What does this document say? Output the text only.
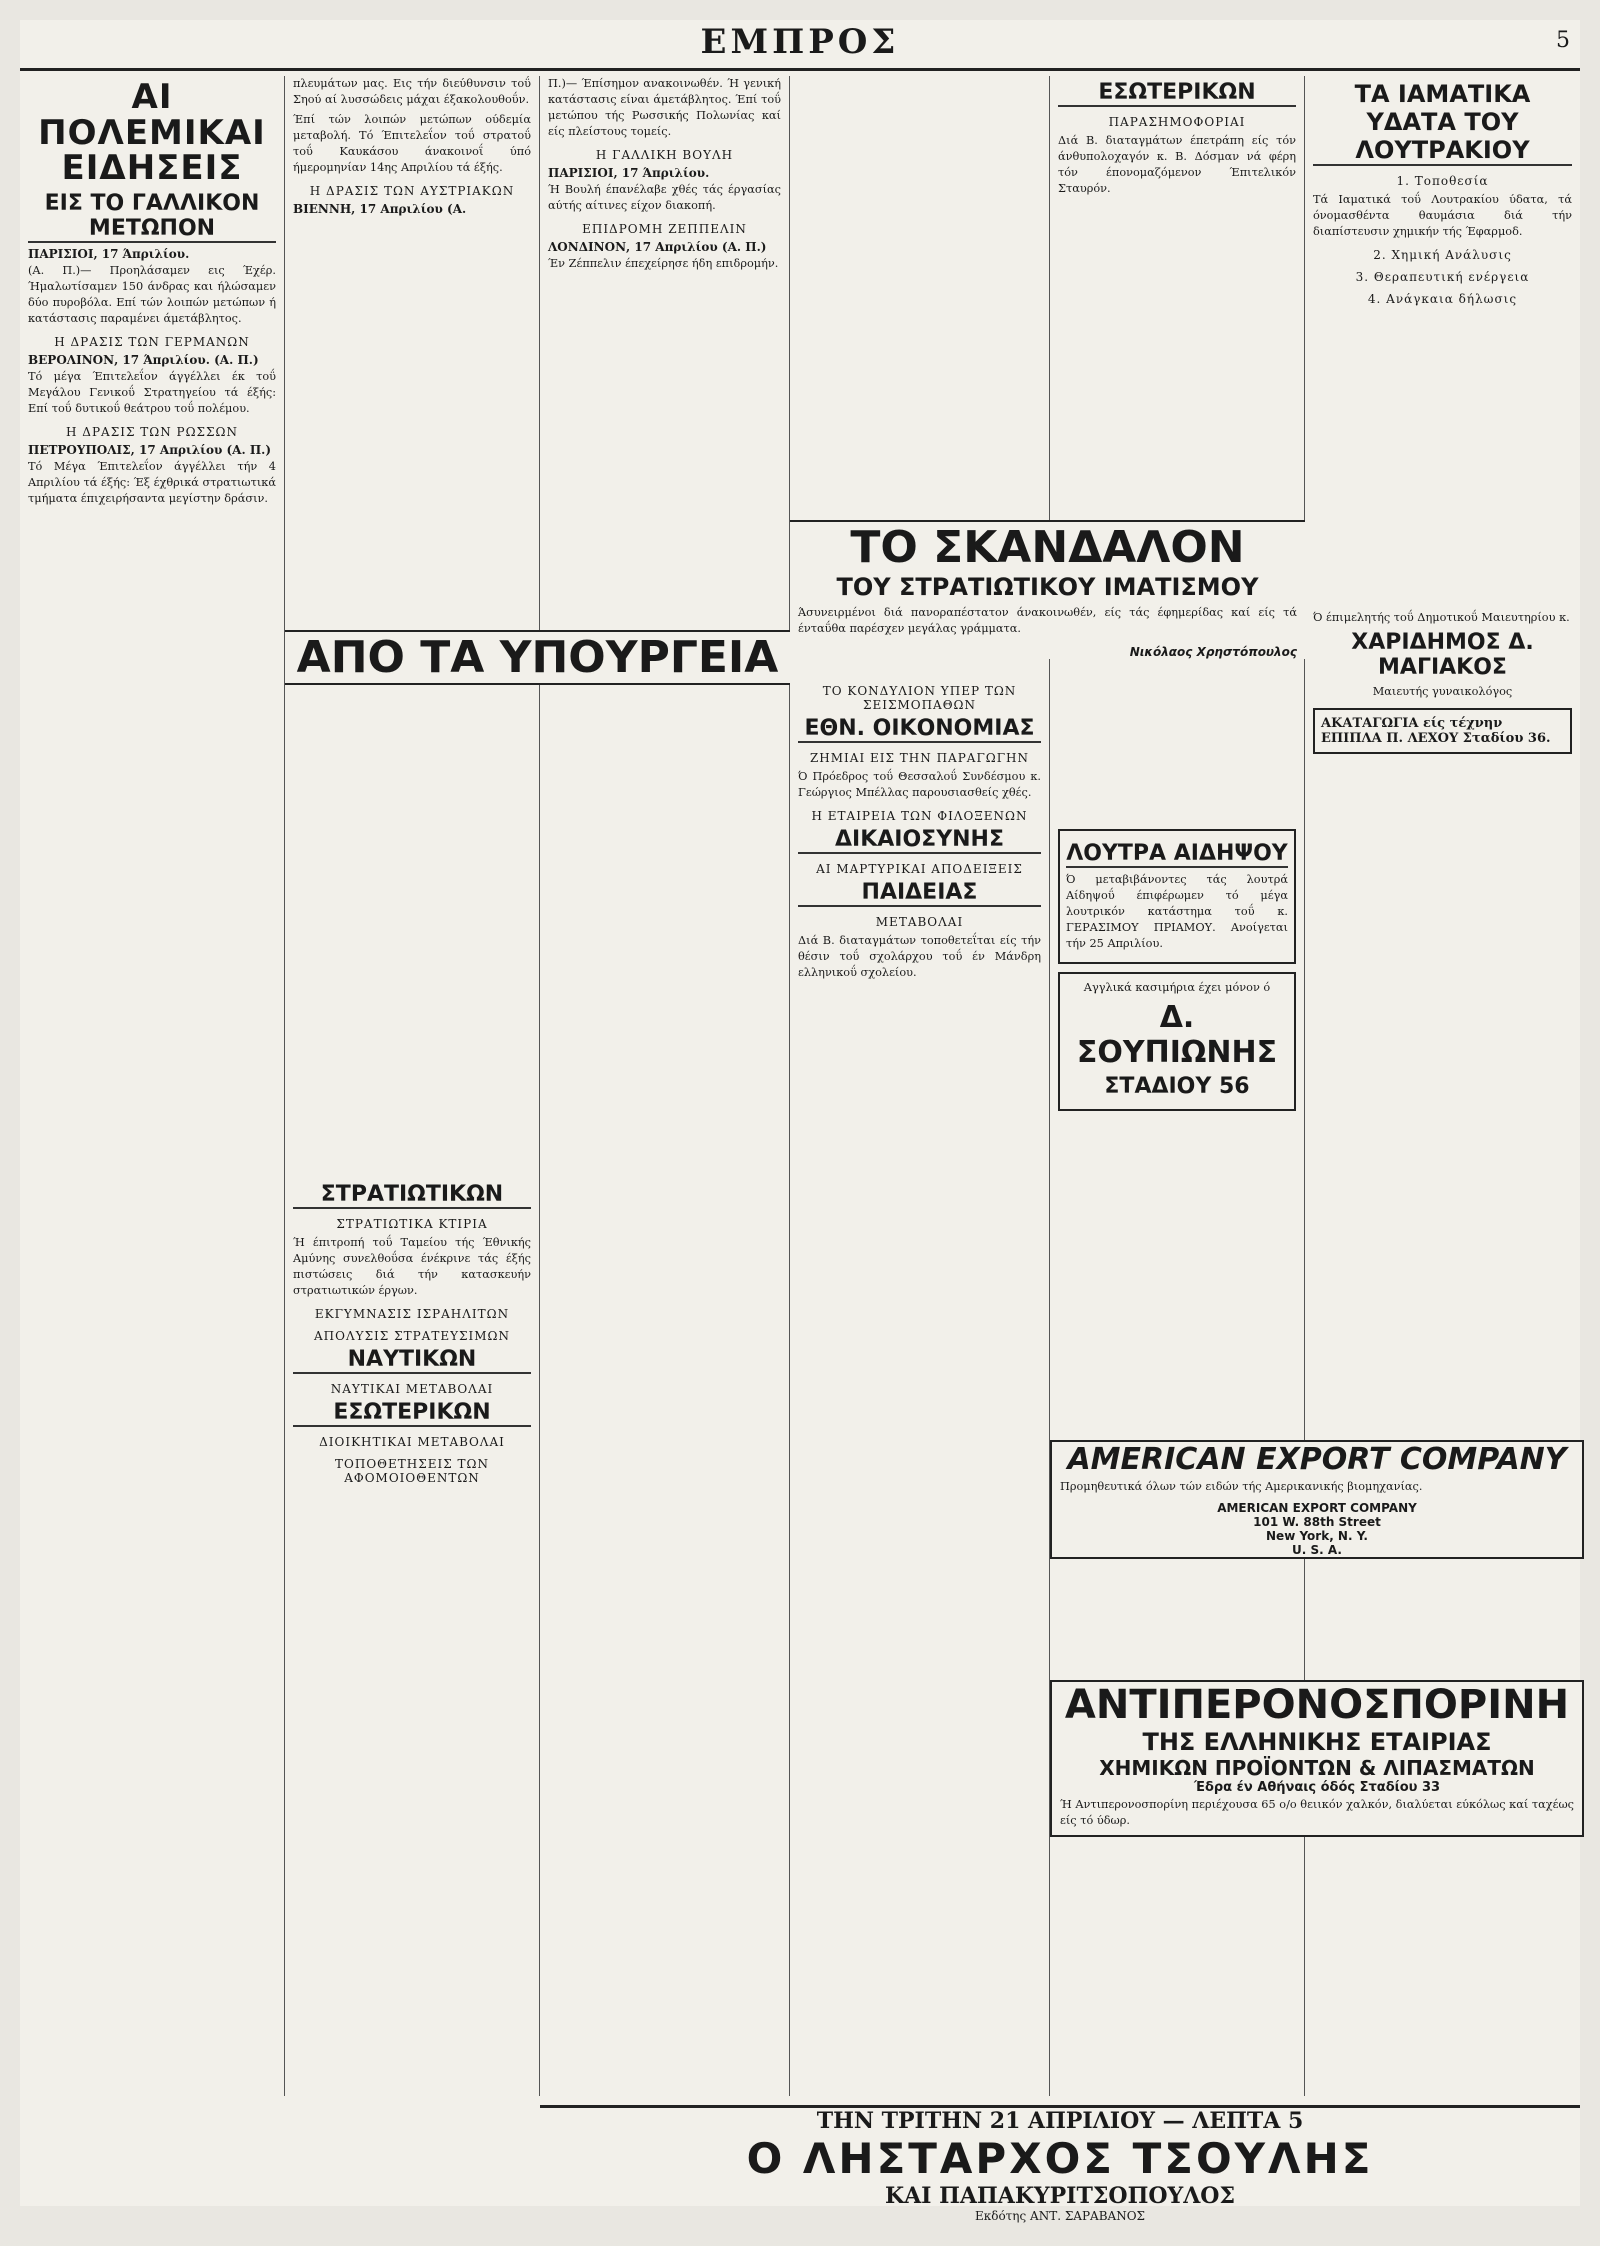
ΕΜΠΡΟΣ	5
ΑΙ ΠΟΛΕΜΙΚΑΙ ΕΙΔΗΣΕΙΣ
ΕΙΣ ΤΟ ΓΑΛΛΙΚΟΝ ΜΕΤΩΠΟΝ
ΠΑΡΙΣΙΟΙ, 17 Άπριλίου.

(Α. Π.)— Προηλάσαμεν εις Έχέρ. Ήμαλωτίσαμεν 150 άνδρας και ήλώσαμεν δύο πυροβόλα. Επί τών λοιπών μετώπων ή κατάστασις παραμένει άμετάβλητος.

Η ΔΡΑΣΙΣ ΤΩΝ ΓΕΡΜΑΝΩΝ
ΒΕΡΟΛΙΝΟΝ, 17 Άπριλίου. (Α. Π.)

Τό μέγα Έπιτελεΐον άγγέλλει έκ τοΰ Μεγάλου Γενικοΰ Στρατηγείου τά έξής: Επί τοΰ δυτικοΰ θεάτρου τοΰ πολέμου.

Η ΔΡΑΣΙΣ ΤΩΝ ΡΩΣΣΩΝ
ΠΕΤΡΟΥΠΟΛΙΣ, 17 Απριλίου (Α. Π.)

Τό Μέγα Έπιτελεΐον άγγέλλει τήν 4 Απριλίου τά έξής: Έξ έχθρικά στρατιωτικά τμήματα έπιχειρήσαντα μεγίστην δράσιν.

πλευμάτων μας. Εις τήν διεύθυνσιν τοΰ Σηού αί λυσσώδεις μάχαι έξακολουθοΰν.

Έπί τών λοιπών μετώπων ούδεμία μεταβολή. Τό Έπιτελεΐον τοΰ στρατοΰ τοΰ Καυκάσου άνακοινοΐ ύπό ήμερομηνίαν 14ης Απριλίου τά έξής.

Η ΔΡΑΣΙΣ ΤΩΝ ΑΥΣΤΡΙΑΚΩΝ
ΒΙΕΝΝΗ, 17 Απριλίου (Α.
ΣΤΡΑΤΙΩΤΙΚΩΝ
ΣΤΡΑΤΙΩΤΙΚΑ ΚΤΙΡΙΑ

Ή έπιτροπή τοΰ Ταμείου τής Έθνικής Αμύνης συνελθοΰσα ένέκρινε τάς έξής πιστώσεις διά τήν κατασκευήν στρατιωτικών έργων.

ΕΚΓΥΜΝΑΣΙΣ ΙΣΡΑΗΛΙΤΩΝ
ΑΠΟΛΥΣΙΣ ΣΤΡΑΤΕΥΣΙΜΩΝ
ΝΑΥΤΙΚΩΝ
ΝΑΥΤΙΚΑΙ ΜΕΤΑΒΟΛΑΙ
ΕΣΩΤΕΡΙΚΩΝ
ΔΙΟΙΚΗΤΙΚΑΙ ΜΕΤΑΒΟΛΑΙ
ΤΟΠΟΘΕΤΗΣΕΙΣ ΤΩΝ ΑΦΟΜΟΙΟΘΕΝΤΩΝ

Π.)— Έπίσημον ανακοινωθέν. Ή γενική κατάστασις είναι άμετάβλητος. Έπί τοΰ μετώπου τής Ρωσσικής Πολωνίας καί είς πλείστους τομείς.

Η ΓΑΛΛΙΚΗ ΒΟΥΛΗ
ΠΑΡΙΣΙΟΙ, 17 Άπριλίου.

Ή Βουλή έπανέλαβε χθές τάς έργασίας αύτής αίτινες είχον διακοπή.

ΕΠΙΔΡΟΜΗ ΖΕΠΠΕΛΙΝ
ΛΟΝΔΙΝΟΝ, 17 Απριλίου (Α. Π.)

Έν Ζέππελιν έπεχείρησε ήδη επιδρομήν.

ΤΟ ΚΟΝΔΥΛΙΟΝ ΥΠΕΡ ΤΩΝ ΣΕΙΣΜΟΠΑΘΩΝ
ΕΘΝ. ΟΙΚΟΝΟΜΙΑΣ
ΖΗΜΙΑΙ ΕΙΣ ΤΗΝ ΠΑΡΑΓΩΓΗΝ

Ό Πρόεδρος τοΰ Θεσσαλοΰ Συνδέσμου κ. Γεώργιος Μπέλλας παρουσιασθείς χθές.

Η ΕΤΑΙΡΕΙΑ ΤΩΝ ΦΙΛΟΞΕΝΩΝ
ΔΙΚΑΙΟΣΥΝΗΣ
ΑΙ ΜΑΡΤΥΡΙΚΑΙ ΑΠΟΔΕΙΞΕΙΣ
ΠΑΙΔΕΙΑΣ
ΜΕΤΑΒΟΛΑΙ

Διά Β. διαταγμάτων τοποθετεΐται είς τήν θέσιν τοΰ σχολάρχου τοΰ έν Μάνδρη ελληνικοΰ σχολείου.

ΕΣΩΤΕΡΙΚΩΝ
ΠΑΡΑΣΗΜΟΦΟΡΙΑΙ

Διά Β. διαταγμάτων έπετράπη είς τόν άνθυπολοχαγόν κ. Β. Δόσμαν νά φέρη τόν έπονομαζόμενον Έπιτελικόν Σταυρόν.

ΛΟΥΤΡΑ ΑΙΔΗΨΟΥ

Ό μεταβιβάνοντες τάς λουτρά Αίδηψοΰ έπιφέρωμεν τό μέγα λουτρικόν κατάστημα τοΰ κ. ΓΕΡΑΣΙΜΟΥ ΠΡΙΑΜΟΥ. Ανοίγεται τήν 25 Απριλίου.

Αγγλικά κασιμήρια έχει μόνον ό
Δ. ΣΟΥΠΙΩΝΗΣ
ΣΤΑΔΙΟΥ 56
ΤΑ ΙΑΜΑΤΙΚΑ ΥΔΑΤΑ ΤΟΥ ΛΟΥΤΡΑΚΙΟΥ
1. Τοποθεσία

Τά Ιαματικά τοΰ Λουτρακίου ύδατα, τά όνομασθέντα θαυμάσια διά τήν διαπίστευσιν χημικήν τής Έφαρμοδ.

2. Χημική Ανάλυσις
3. Θεραπευτική ενέργεια
4. Ανάγκαια δήλωσις
Ό έπιμελητής τοΰ Δημοτικοΰ Μαιευτηρίου κ.
ΧΑΡΙΔΗΜΟΣ Δ. ΜΑΓΙΑΚΟΣ
Μαιευτής γυναικολόγος
ΑΚΑΤΑΓΩΓΙΑ είς τέχνην ΕΠΙΠΛΑ Π. ΛΕΧΟΥ Σταδίου 36.
ΑΠΟ ΤΑ ΥΠΟΥΡΓΕΙΑ
ΤΟ ΣΚΑΝΔΑΛΟΝ
ΤΟΥ ΣΤΡΑΤΙΩΤΙΚΟΥ ΙΜΑΤΙΣΜΟΥ

Άσυνειρμένοι διά πανοραπέστατον άνακοινωθέν, είς τάς έφημερίδας καί είς τά ένταΰθα παρέσχεν μεγάλας γράμματα.

Νικόλαος Χρηστόπουλος
AMERICAN EXPORT COMPANY

Προμηθευτικά όλων τών ειδών τής Αμερικανικής βιομηχανίας.

AMERICAN EXPORT COMPANY
101 W. 88th Street
New York, N. Y.
U. S. A.
ΑΝΤΙΠΕΡΟΝΟΣΠΟΡΙΝΗ
ΤΗΣ ΕΛΛΗΝΙΚΗΣ ΕΤΑΙΡΙΑΣ
ΧΗΜΙΚΩΝ ΠΡΟΪΟΝΤΩΝ & ΛΙΠΑΣΜΑΤΩΝ
Έδρα έν Αθήναις όδός Σταδίου 33

Ή Αντιπερονοσπορίνη περιέχουσα 65 ο/ο θειικόν χαλκόν, διαλύεται εύκόλως καί ταχέως είς τό ύδωρ.

ΤΗΝ ΤΡΙΤΗΝ 21 ΑΠΡΙΛΙΟΥ — ΛΕΠΤΑ 5
Ο ΛΗΣΤΑΡΧΟΣ ΤΣΟΥΛΗΣ
ΚΑΙ ΠΑΠΑΚΥΡΙΤΣΟΠΟΥΛΟΣ
Εκδότης ΑΝΤ. ΣΑΡΑΒΑΝΟΣ
